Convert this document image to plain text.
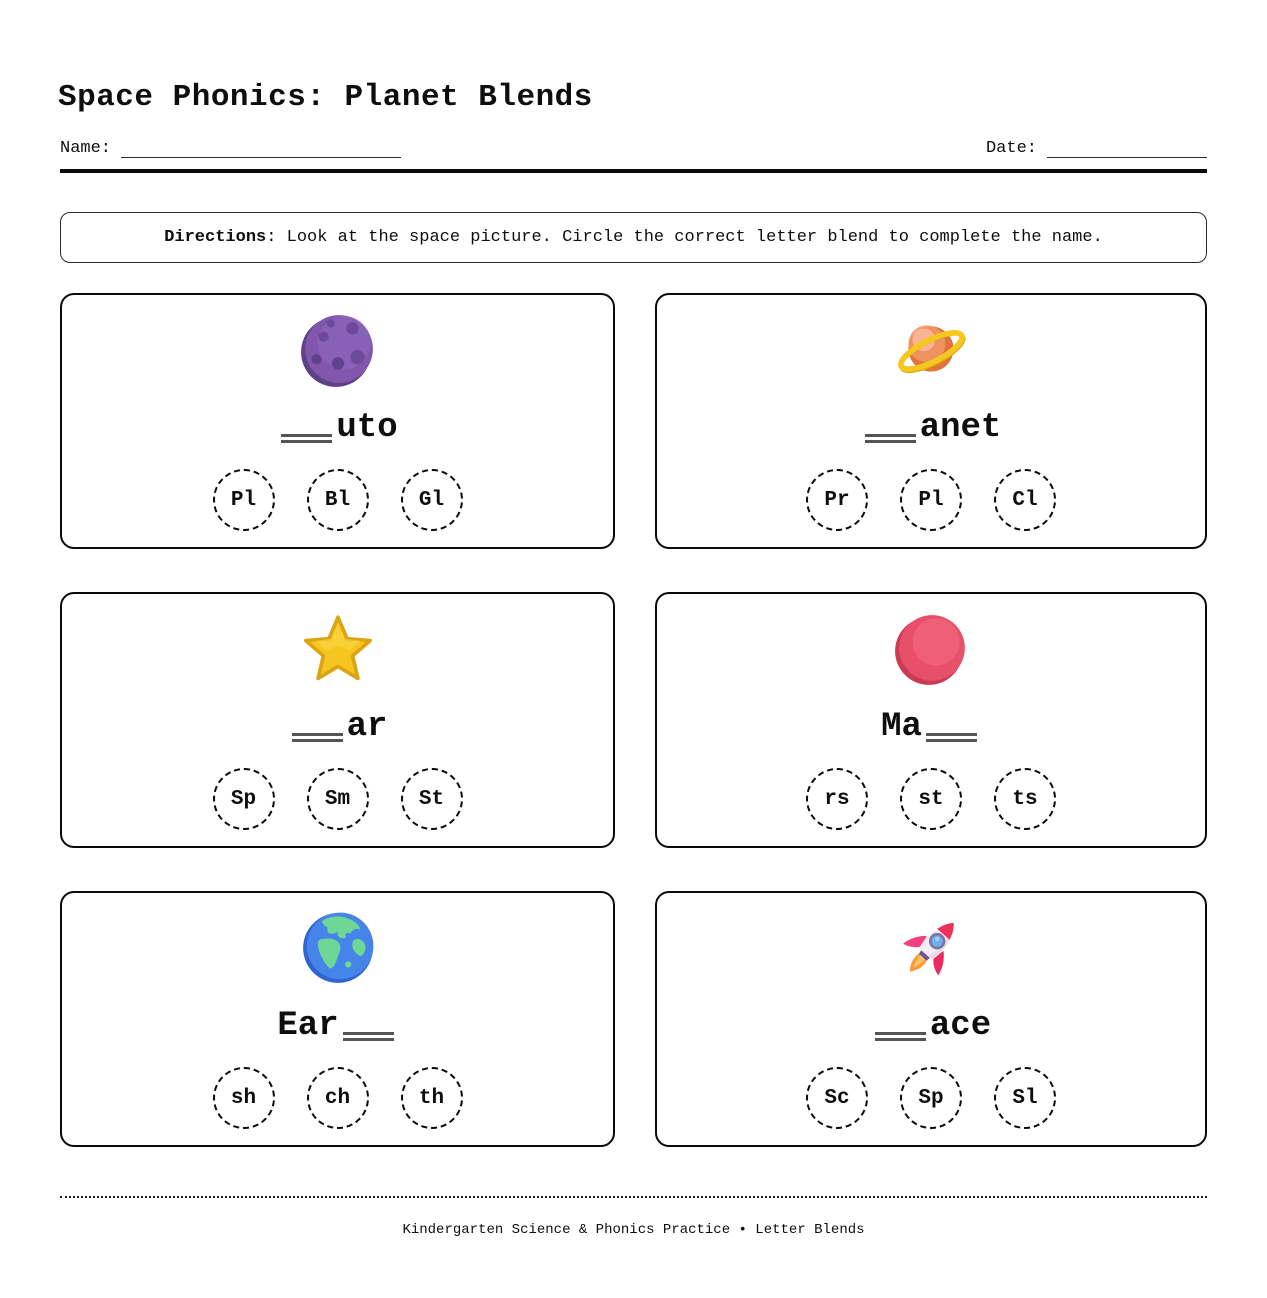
Space Phonics: Planet Blends
Name:	Date:
Directions : Look at the space picture. Circle the correct letter blend to complete the name.
uto
Pl	Bl	Gl
anet
Pr	Pl	Cl
ar
Sp	Sm	St
Ma
rs	st	ts
Ear
sh	ch	th
ace
Sc	Sp	Sl
Kindergarten Science & Phonics Practice • Letter Blends
